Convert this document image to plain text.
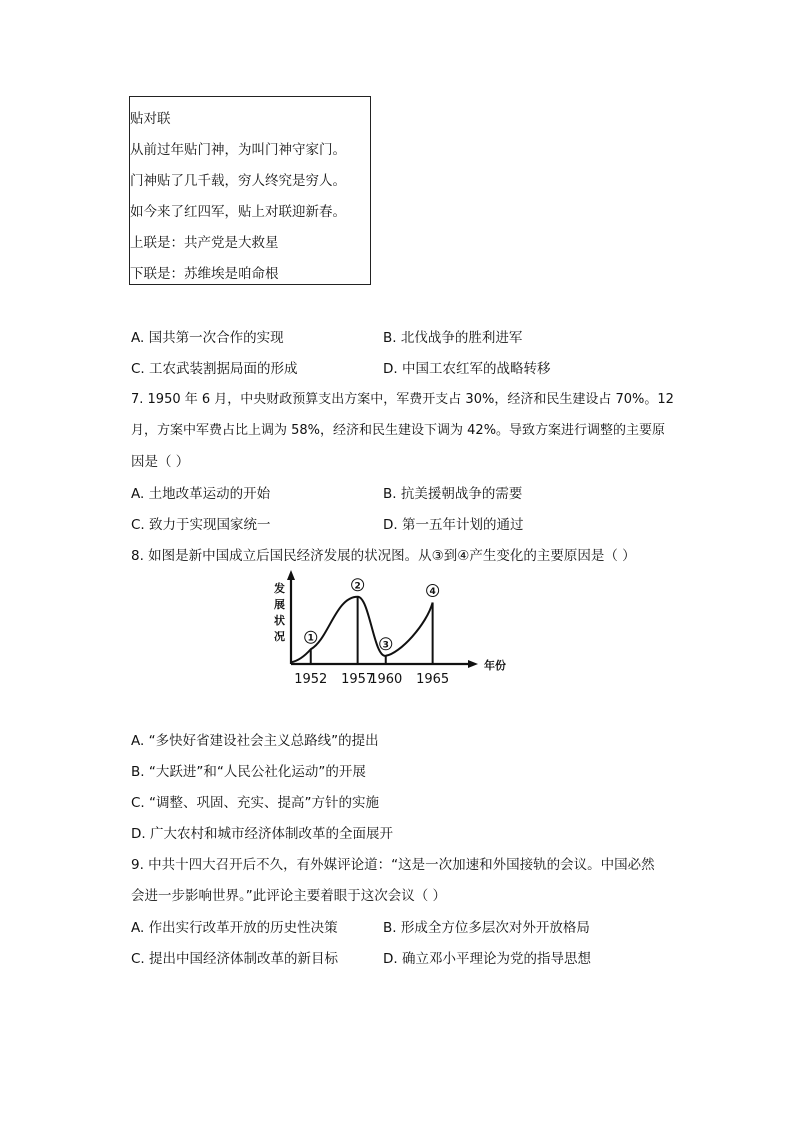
贴对联
从前过年贴门神，为叫门神守家门。
门神贴了几千载，穷人终究是穷人。
如今来了红四军，贴上对联迎新春。
上联是：共产党是大救星
下联是：苏维埃是咱命根
A. 国共第一次合作的实现	B. 北伐战争的胜利进军
C. 工农武装割据局面的形成	D. 中国工农红军的战略转移
7. 1950 年 6 月，中央财政预算支出方案中，军费开支占 30%，经济和民生建设占 70%。12
月，方案中军费占比上调为 58%，经济和民生建设下调为 42%。导致方案进行调整的主要原
因是（ ）
A. 土地改革运动的开始	B. 抗美援朝战争的需要
C. 致力于实现国家统一	D. 第一五年计划的通过
8. 如图是新中国成立后国民经济发展的状况图。从③到④产生变化的主要原因是（ ）
发展状况
年份
1
1952
2
1957
3
1960
4
1965
A. “多快好省建设社会主义总路线”的提出
B. “大跃进”和“人民公社化运动”的开展
C. “调整、巩固、充实、提高”方针的实施
D. 广大农村和城市经济体制改革的全面展开
9. 中共十四大召开后不久，有外媒评论道：“这是一次加速和外国接轨的会议。中国必然
会进一步影响世界。”此评论主要着眼于这次会议（ ）
A. 作出实行改革开放的历史性决策	B. 形成全方位多层次对外开放格局
C. 提出中国经济体制改革的新目标	D. 确立邓小平理论为党的指导思想
